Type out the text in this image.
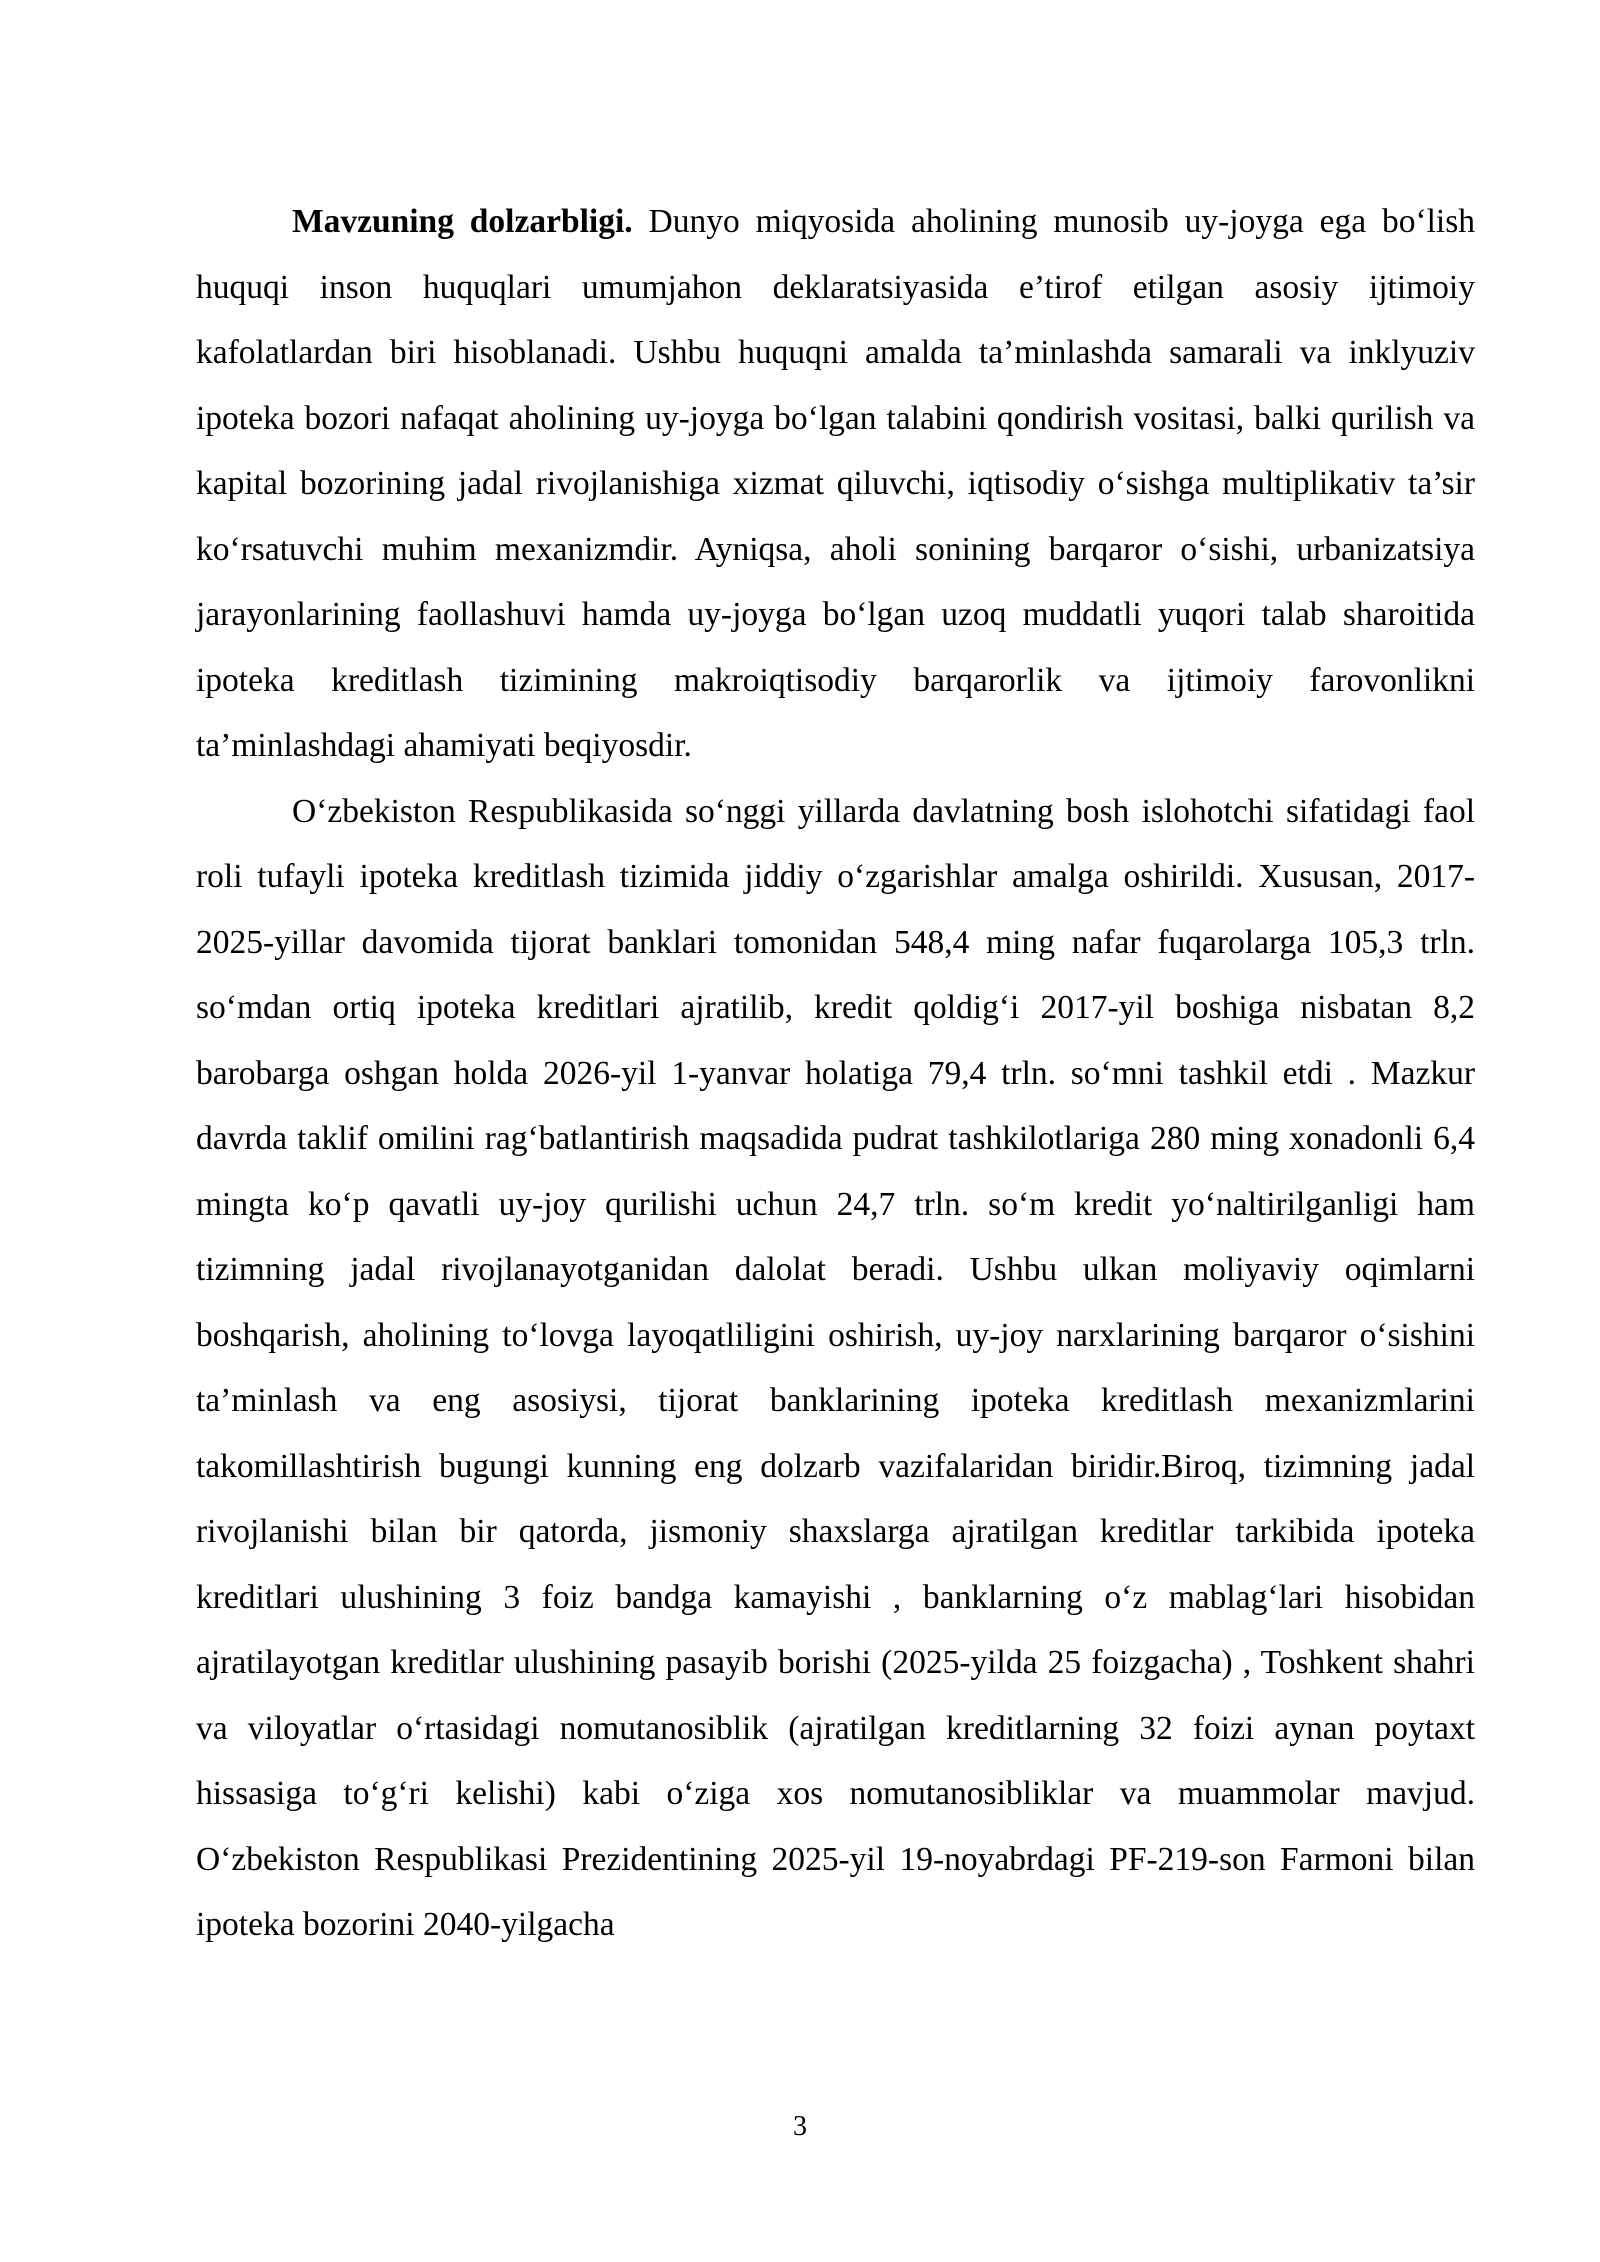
Mavzuning dolzarbligi. Dunyo miqyosida aholining munosib uy-joyga ega bo‘lish huquqi inson huquqlari umumjahon deklaratsiyasida e’tirof etilgan asosiy ijtimoiy kafolatlardan biri hisoblanadi. Ushbu huquqni amalda ta’minlashda samarali va inklyuziv ipoteka bozori nafaqat aholining uy-joyga bo‘lgan talabini qondirish vositasi, balki qurilish va kapital bozorining jadal rivojlanishiga xizmat qiluvchi, iqtisodiy o‘sishga multiplikativ ta’sir ko‘rsatuvchi muhim mexanizmdir. Ayniqsa, aholi sonining barqaror o‘sishi, urbanizatsiya jarayonlarining faollashuvi hamda uy-joyga bo‘lgan uzoq muddatli yuqori talab sharoitida ipoteka kreditlash tizimining makroiqtisodiy barqarorlik va ijtimoiy farovonlikni ta’minlashdagi ahamiyati beqiyosdir.

O‘zbekiston Respublikasida so‘nggi yillarda davlatning bosh islohotchi sifatidagi faol roli tufayli ipoteka kreditlash tizimida jiddiy o‘zgarishlar amalga oshirildi. Xususan, 2017-2025-yillar davomida tijorat banklari tomonidan 548,4 ming nafar fuqarolarga 105,3 trln. so‘mdan ortiq ipoteka kreditlari ajratilib, kredit qoldig‘i 2017-yil boshiga nisbatan 8,2 barobarga oshgan holda 2026-yil 1-yanvar holatiga 79,4 trln. so‘mni tashkil etdi . Mazkur davrda taklif omilini rag‘batlantirish maqsadida pudrat tashkilotlariga 280 ming xonadonli 6,4 mingta ko‘p qavatli uy-joy qurilishi uchun 24,7 trln. so‘m kredit yo‘naltirilganligi ham tizimning jadal rivojlanayotganidan dalolat beradi. Ushbu ulkan moliyaviy oqimlarni boshqarish, aholining to‘lovga layoqatliligini oshirish, uy-joy narxlarining barqaror o‘sishini ta’minlash va eng asosiysi, tijorat banklarining ipoteka kreditlash mexanizmlarini takomillashtirish bugungi kunning eng dolzarb vazifalaridan biridir.Biroq, tizimning jadal rivojlanishi bilan bir qatorda, jismoniy shaxslarga ajratilgan kreditlar tarkibida ipoteka kreditlari ulushining 3 foiz bandga kamayishi , banklarning o‘z mablag‘lari hisobidan ajratilayotgan kreditlar ulushining pasayib borishi (2025-yilda 25 foizgacha) , Toshkent shahri va viloyatlar o‘rtasidagi nomutanosiblik (ajratilgan kreditlarning 32 foizi aynan poytaxt hissasiga to‘g‘ri kelishi) kabi o‘ziga xos nomutanosibliklar va muammolar mavjud. O‘zbekiston Respublikasi Prezidentining 2025-yil 19-noyabrdagi PF-219-son Farmoni bilan ipoteka bozorini 2040-yilgacha

3
